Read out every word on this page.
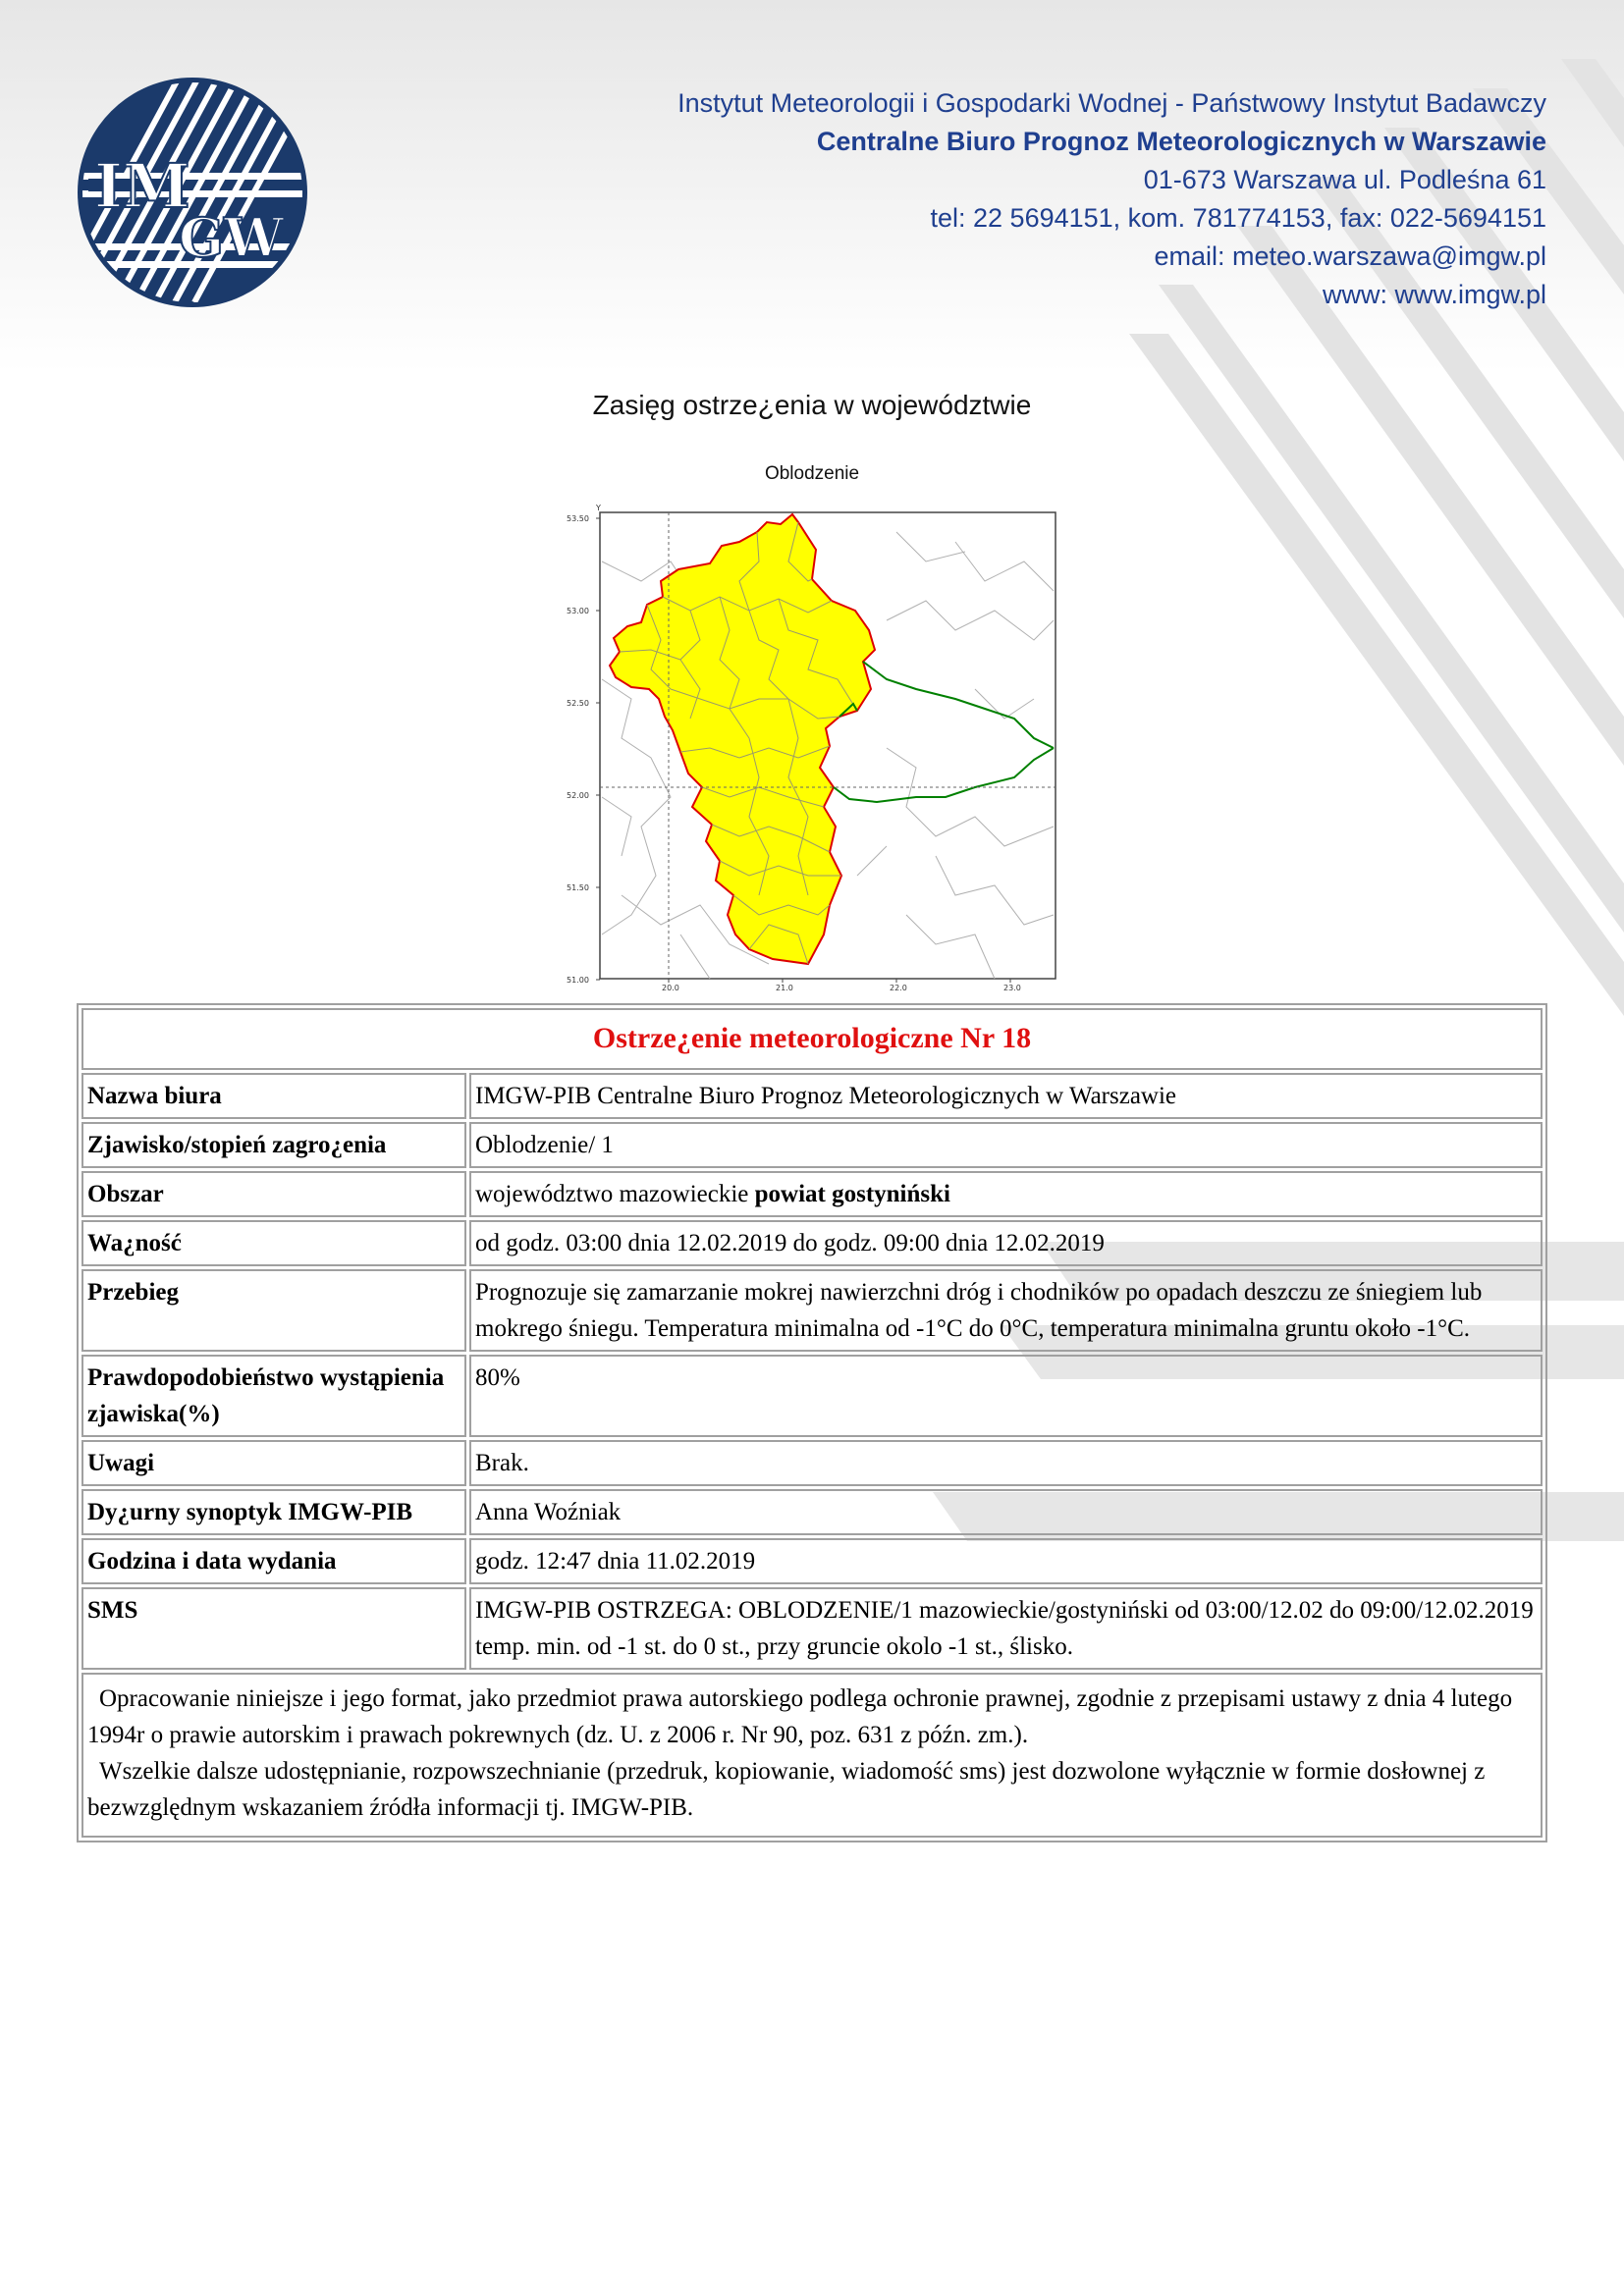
IM
GW
Instytut Meteorologii i Gospodarki Wodnej - Państwowy Instytut Badawczy
Centralne Biuro Prognoz Meteorologicznych w Warszawie
01-673 Warszawa ul. Podleśna 61
tel: 22 5694151, kom. 781774153, fax: 022-5694151
email: meteo.warszawa@imgw.pl
www: www.imgw.pl
Zasięg ostrze¿enia w województwie
Oblodzenie
53.50
53.00
52.50
52.00
51.50
51.00
20.0	21.0	22.0	23.0
Y
Ostrze¿enie meteorologiczne Nr 18	
Nazwa biura	IMGW-PIB Centralne Biuro Prognoz Meteorologicznych w Warszawie
Zjawisko/stopień zagro¿enia	Oblodzenie/ 1
Obszar	województwo mazowieckie powiat gostyniński
Wa¿ność	od godz. 03:00 dnia 12.02.2019 do godz. 09:00 dnia 12.02.2019
Przebieg	Prognozuje się zamarzanie mokrej nawierzchni dróg i chodników po opadach deszczu ze śniegiem lub mokrego śniegu. Temperatura minimalna od -1°C do 0°C, temperatura minimalna gruntu około -1°C.
Prawdopodobieństwo wystąpienia zjawiska(%)	80%
Uwagi	Brak.
Dy¿urny synoptyk IMGW-PIB	Anna Woźniak
Godzina i data wydania	godz. 12:47 dnia 11.02.2019
SMS	IMGW-PIB OSTRZEGA: OBLODZENIE/1 mazowieckie/gostyniński od 03:00/12.02 do 09:00/12.02.2019 temp. min. od -1 st. do 0 st., przy gruncie okolo -1 st., ślisko.

Opracowanie niniejsze i jego format, jako przedmiot prawa autorskiego podlega ochronie prawnej, zgodnie z przepisami ustawy z dnia 4 lutego 1994r o prawie autorskim i prawach pokrewnych (dz. U. z 2006 r. Nr 90, poz. 631 z późn. zm.).
Wszelkie dalsze udostępnianie, rozpowszechnianie (przedruk, kopiowanie, wiadomość sms) jest dozwolone wyłącznie w formie dosłownej z bezwzględnym wskazaniem źródła informacji tj. IMGW-PIB.	
